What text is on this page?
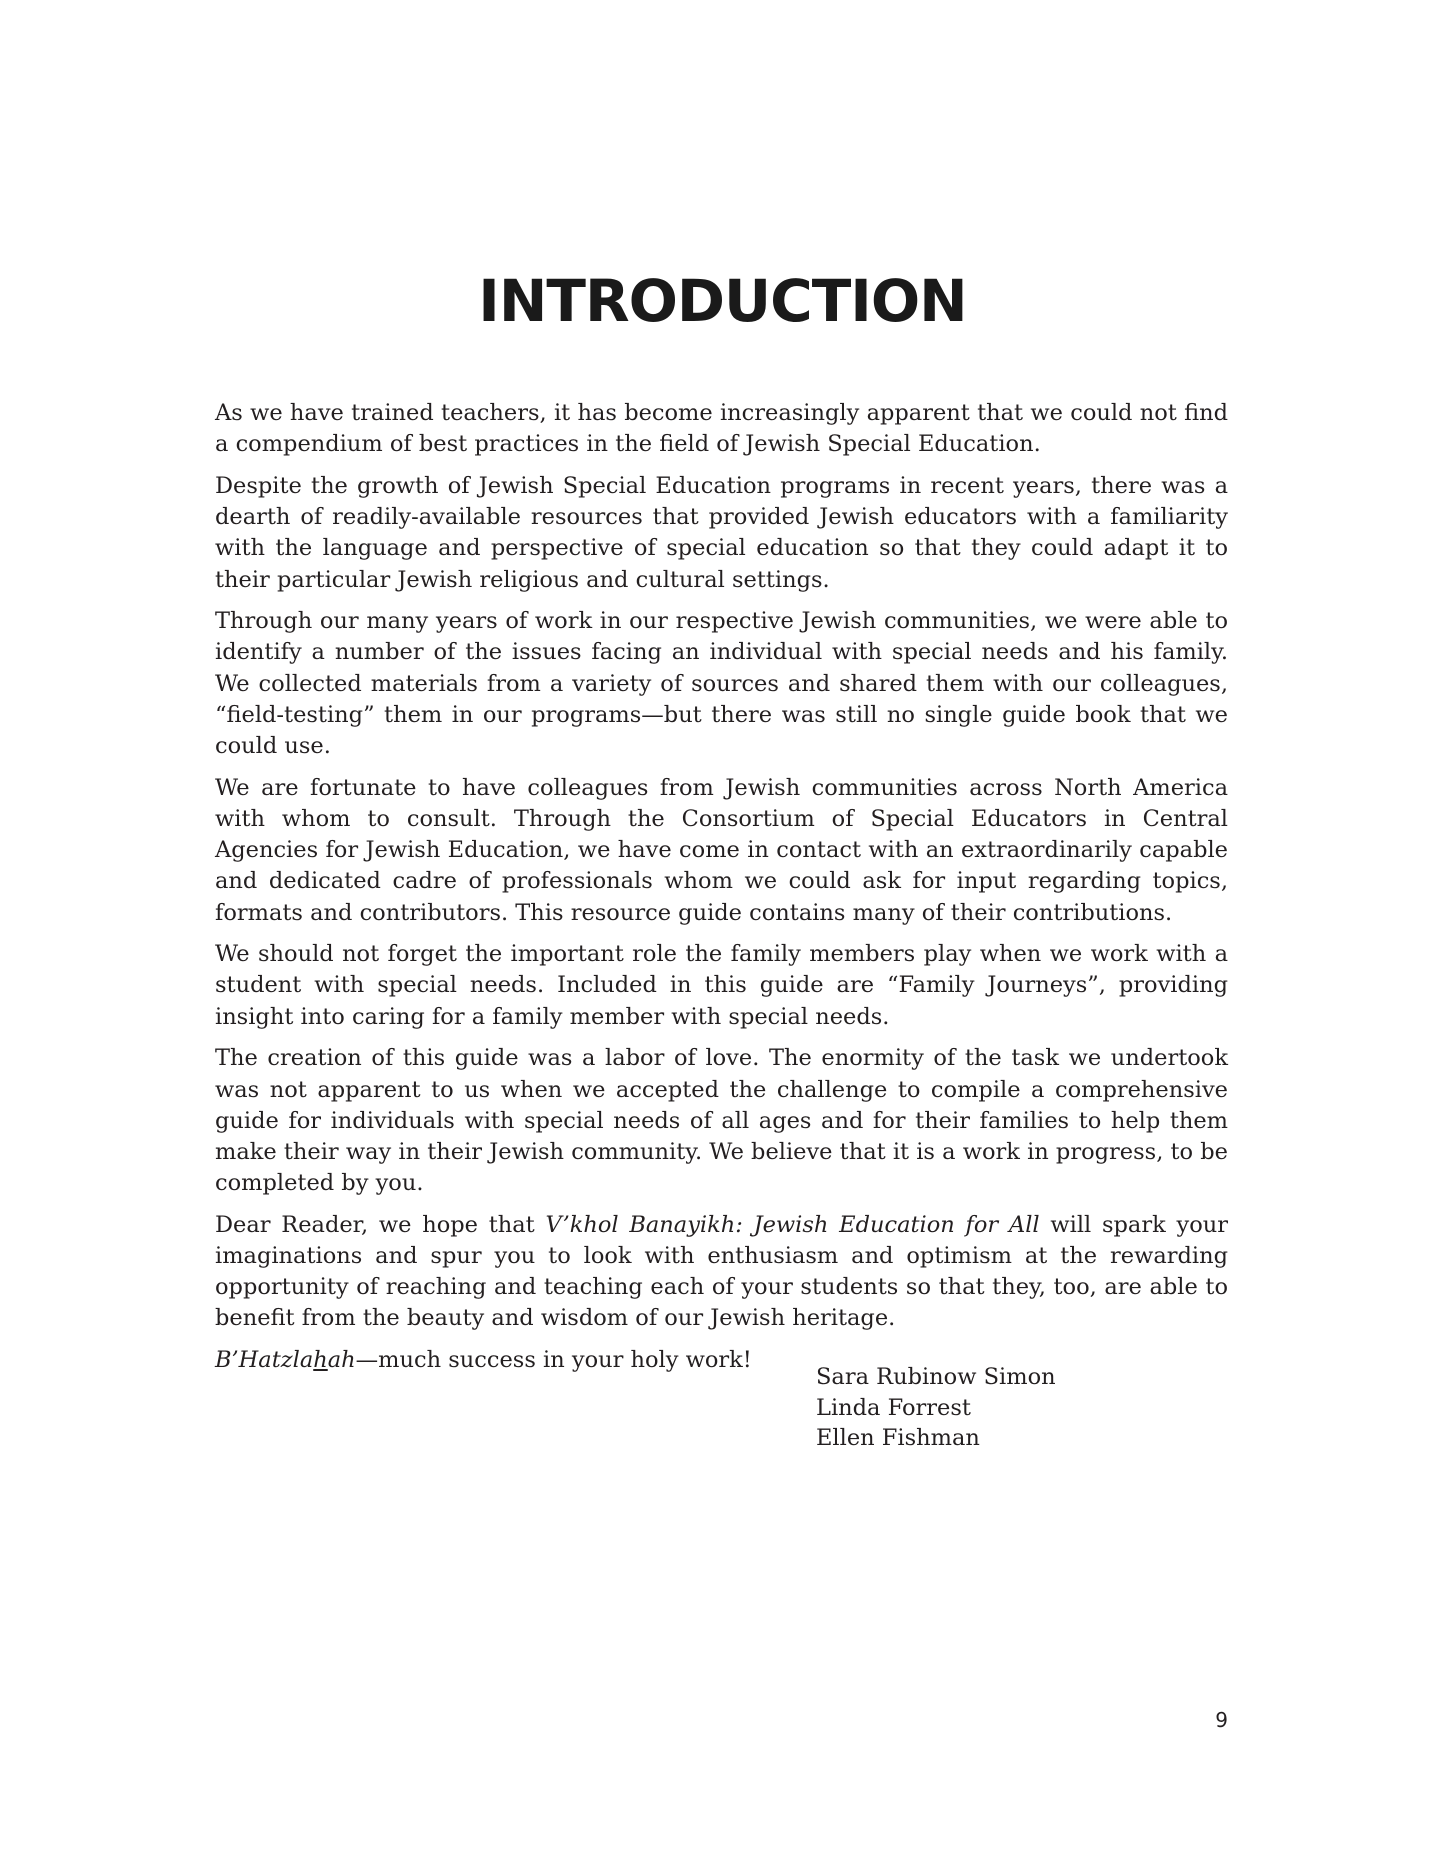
INTRODUCTION

As we have trained teachers, it has become increasingly apparent that we could not find a compendium of best practices in the field of Jewish Special Education.

Despite the growth of Jewish Special Education programs in recent years, there was a dearth of readily-available resources that provided Jewish educators with a familiarity with the language and perspective of special education so that they could adapt it to their particular Jewish religious and cultural settings.

Through our many years of work in our respective Jewish communities, we were able to identify a number of the issues facing an individual with special needs and his family. We collected materials from a variety of sources and shared them with our colleagues, “field-testing” them in our programs—but there was still no single guide book that we could use.

We are fortunate to have colleagues from Jewish communities across North America with whom to consult. Through the Consortium of Special Educators in Central Agencies for Jewish Education, we have come in contact with an extraordinarily capable and dedicated cadre of professionals whom we could ask for input regarding topics, formats and contributors. This resource guide contains many of their contributions.

We should not forget the important role the family members play when we work with a student with special needs. Included in this guide are “Family Journeys”, providing insight into caring for a family member with special needs.

The creation of this guide was a labor of love. The enormity of the task we undertook was not apparent to us when we accepted the challenge to compile a comprehensive guide for individuals with special needs of all ages and for their families to help them make their way in their Jewish community. We believe that it is a work in progress, to be completed by you.

Dear Reader, we hope that V’khol Banayikh: Jewish Education for All will spark your imaginations and spur you to look with enthusiasm and optimism at the rewarding opportunity of reaching and teaching each of your students so that they, too, are able to benefit from the beauty and wisdom of our Jewish heritage.

B’Hatzlahah—much success in your holy work!

Sara Rubinow Simon
Linda Forrest
Ellen Fishman
9
